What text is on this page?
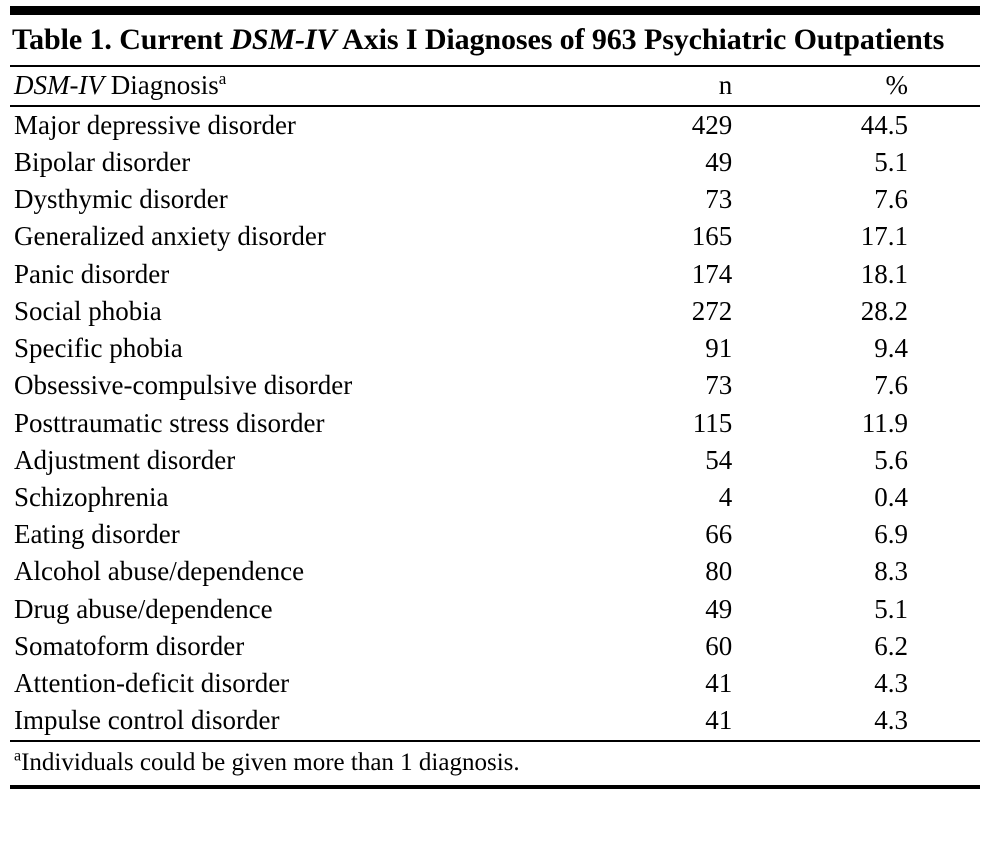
Table 1. Current DSM-IV Axis I Diagnoses of 963 Psychiatric Outpatients
DSM-IV Diagnosis$^a$	n	%
Major depressive disorder	429	44.5
Bipolar disorder	49	5.1
Dysthymic disorder	73	7.6
Generalized anxiety disorder	165	17.1
Panic disorder	174	18.1
Social phobia	272	28.2
Specific phobia	91	9.4
Obsessive-compulsive disorder	73	7.6
Posttraumatic stress disorder	115	11.9
Adjustment disorder	54	5.6
Schizophrenia	4	0.4
Eating disorder	66	6.9
Alcohol abuse/dependence	80	8.3
Drug abuse/dependence	49	5.1
Somatoform disorder	60	6.2
Attention-deficit disorder	41	4.3
Impulse control disorder	41	4.3
$^a$Individuals could be given more than 1 diagnosis.
